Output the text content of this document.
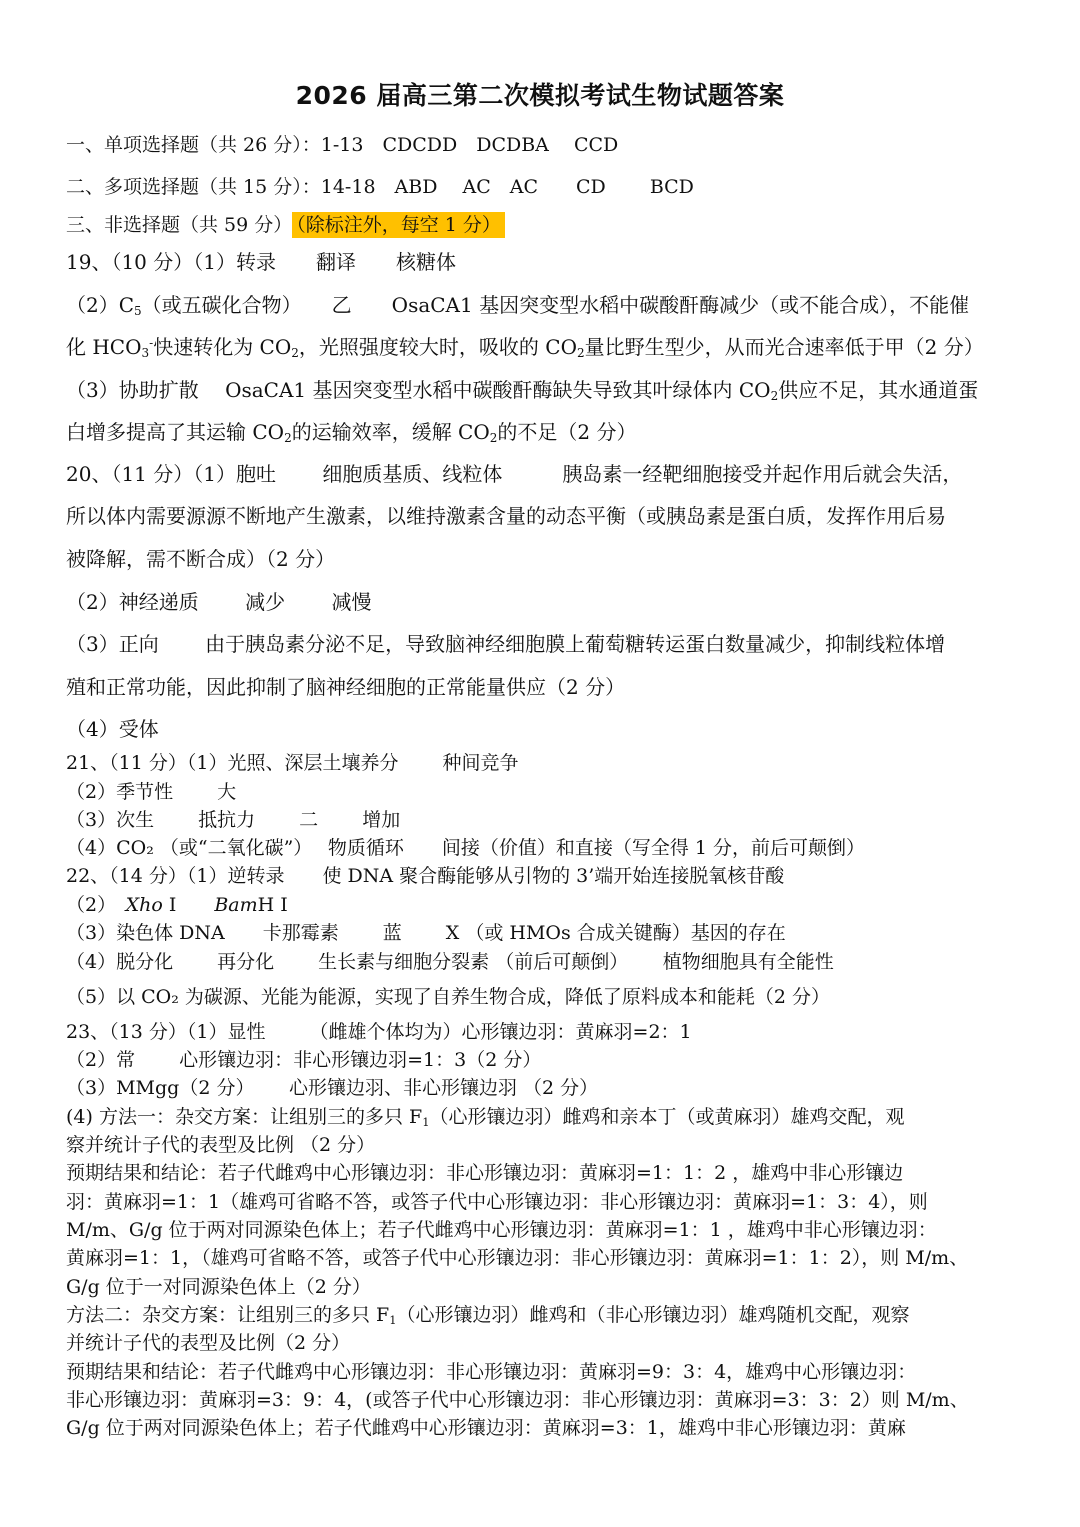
2026 届高三第二次模拟考试生物试题答案
一、单项选择题（共 26 分）：1-13　CDCDD　DCDBA　 CCD
二、多项选择题（共 15 分）：14-18　ABD　 AC　AC　　CD　　 BCD
三、非选择题（共 59 分） （除标注外，每空 1 分）
19、（10 分）（1）转录　　翻译　　核糖体
$(2)C_5$（或五碳化合物）　　乙　　OsaCA1 基因突变型水稻中碳酸酐酶减少（或不能合成），不能催
化 $HCO_3^-$快速转化为 $CO_2$，光照强度较大时，吸收的 $CO_2$量比野生型少，从而光合速率低于甲（2 分）
（3）协助扩散　 OsaCA1 基因突变型水稻中碳酸酐酶缺失导致其叶绿体内 $CO_2$供应不足，其水通道蛋
白增多提高了其运输 $CO_2$的运输效率，缓解 $CO_2$的不足（2 分）
20、（11 分）（1）胞吐　　 细胞质基质、线粒体　　　胰岛素一经靶细胞接受并起作用后就会失活，
所以体内需要源源不断地产生激素，以维持激素含量的动态平衡（或胰岛素是蛋白质，发挥作用后易
被降解，需不断合成）（2 分）
（2）神经递质　　 减少　　 减慢
（3）正向　　 由于胰岛素分泌不足，导致脑神经细胞膜上葡萄糖转运蛋白数量减少，抑制线粒体增
殖和正常功能，因此抑制了脑神经细胞的正常能量供应（2 分）
（4）受体
21、（11 分）（1）光照、深层土壤养分　　 种间竞争
（2）季节性　　 大
（3）次生　　 抵抗力　　 二　　 增加
（4）CO₂ （或“二氧化碳”）　 物质循环　　间接（价值）和直接（写全得 1 分，前后可颠倒）
22、（14 分）（1）逆转录　　使 DNA 聚合酶能够从引物的 3’端开始连接脱氧核苷酸
（2）　Xho I　　BamH I
（3）染色体 DNA　　卡那霉素　　 蓝　　 X （或 HMOs 合成关键酶）基因的存在
（4）脱分化　　 再分化　　 生长素与细胞分裂素 （前后可颠倒）　　 植物细胞具有全能性
（5）以 CO₂ 为碳源、光能为能源，实现了自养生物合成，降低了原料成本和能耗（2 分）
23、（13 分）（1）显性　　 （雌雄个体均为）心形镶边羽：黄麻羽=2：1
（2）常　　 心形镶边羽：非心形镶边羽=1：3（2 分）
（3）MMgg（2 分）　　 心形镶边羽、非心形镶边羽 （2 分）
(4) 方法一：杂交方案：让组别三的多只 $F_1$（心形镶边羽）雌鸡和亲本丁（或黄麻羽）雄鸡交配，观
察并统计子代的表型及比例 （2 分）
预期结果和结论：若子代雌鸡中心形镶边羽：非心形镶边羽：黄麻羽=1：1：2 ，雄鸡中非心形镶边
羽：黄麻羽=1：1（雄鸡可省略不答，或答子代中心形镶边羽：非心形镶边羽：黄麻羽=1：3：4），则
M/m、G/g 位于两对同源染色体上；若子代雌鸡中心形镶边羽：黄麻羽=1：1 ，雄鸡中非心形镶边羽：
黄麻羽=1：1，（雄鸡可省略不答，或答子代中心形镶边羽：非心形镶边羽：黄麻羽=1：1：2），则 M/m、
G/g 位于一对同源染色体上（2 分）
方法二：杂交方案：让组别三的多只 $F_1$（心形镶边羽）雌鸡和（非心形镶边羽）雄鸡随机交配，观察
并统计子代的表型及比例（2 分）
预期结果和结论：若子代雌鸡中心形镶边羽：非心形镶边羽：黄麻羽=9：3：4，雄鸡中心形镶边羽：
非心形镶边羽：黄麻羽=3：9：4，(或答子代中心形镶边羽：非心形镶边羽：黄麻羽=3：3：2）则 M/m、
G/g 位于两对同源染色体上；若子代雌鸡中心形镶边羽：黄麻羽=3：1，雄鸡中非心形镶边羽：黄麻
